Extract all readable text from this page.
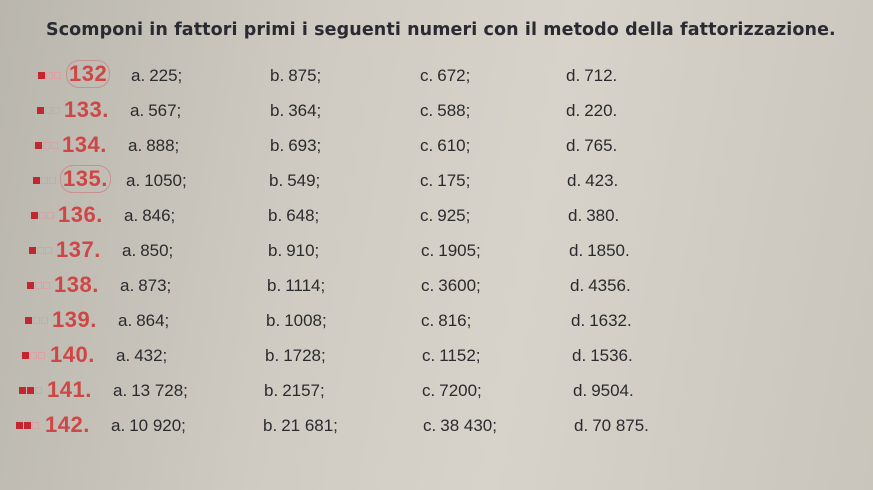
Scomponi in fattori primi i seguenti numeri con il metodo della fattorizzazione.
132 a. 225;	b. 875;	c. 672;	d. 712.
133. a. 567;	b. 364;	c. 588;	d. 220.
134. a. 888;	b. 693;	c. 610;	d. 765.
135. a. 1050;	b. 549;	c. 175;	d. 423.
136. a. 846;	b. 648;	c. 925;	d. 380.
137. a. 850;	b. 910;	c. 1905;	d. 1850.
138. a. 873;	b. 1114;	c. 3600;	d. 4356.
139. a. 864;	b. 1008;	c. 816;	d. 1632.
140. a. 432;	b. 1728;	c. 1152;	d. 1536.
141. a. 13 728;	b. 2157;	c. 7200;	d. 9504.
142. a. 10 920;	b. 21 681;	c. 38 430;	d. 70 875.
